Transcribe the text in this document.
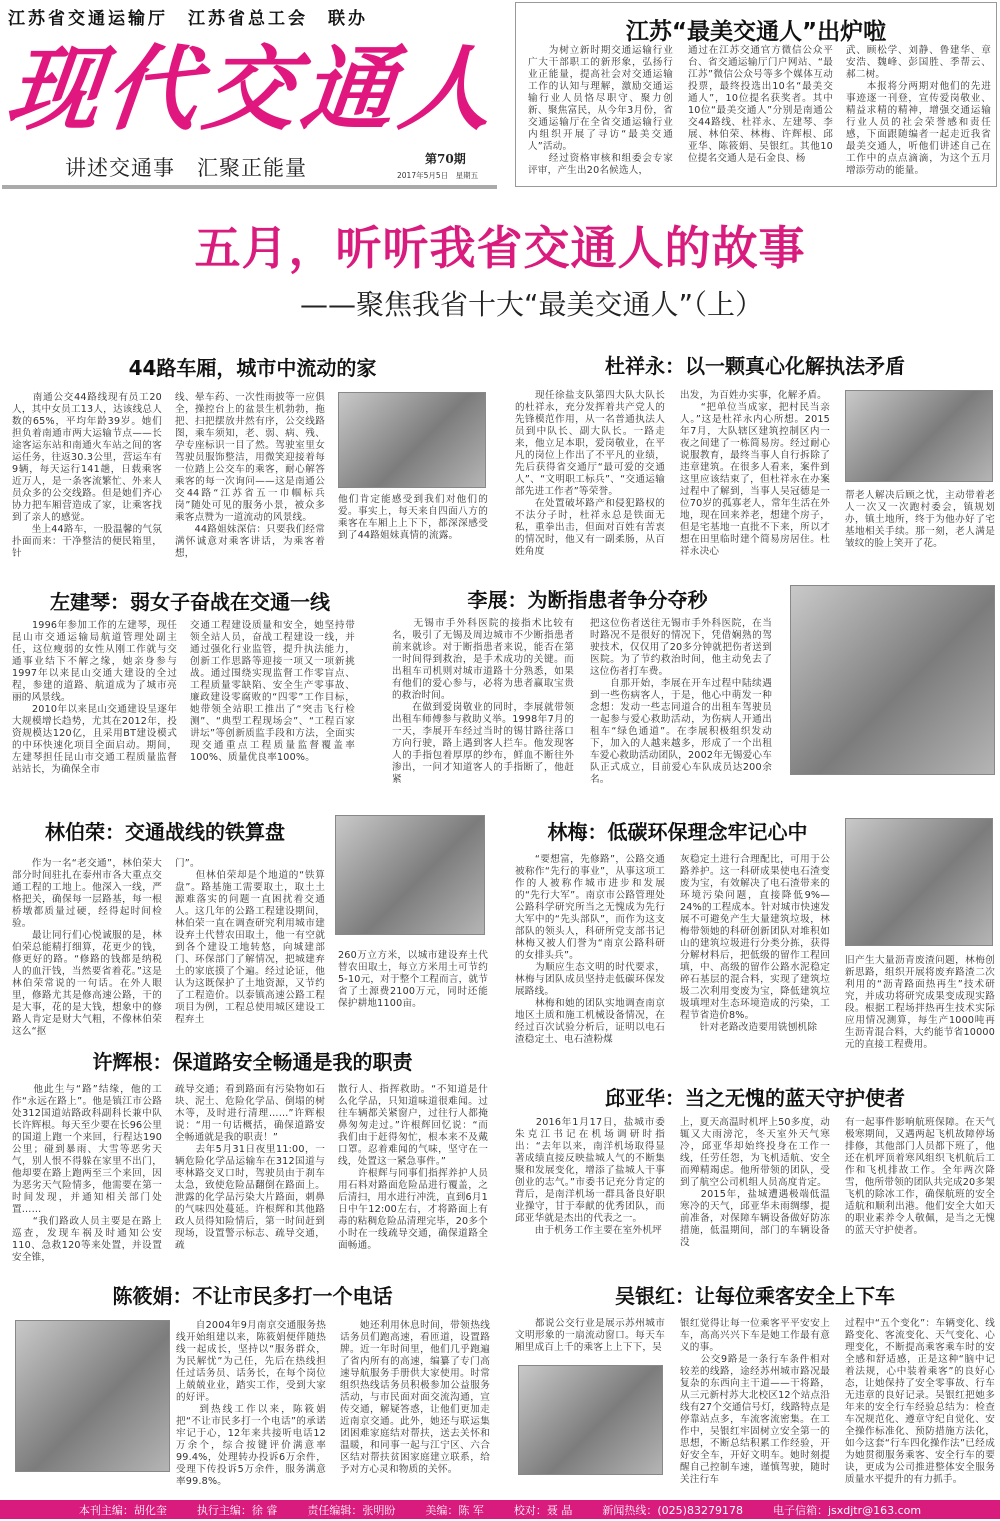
江苏省交通运输厅　江苏省总工会　联办
现代交通人
讲述交通事　汇聚正能量	第70期
2017年5月5日　星期五
江苏“最美交通人”出炉啦
　　为树立新时期交通运输行业广大干部职工的新形象，弘扬行业正能量，提高社会对交通运输工作的认知与理解，激励交通运输行业人员恪尽职守、聚力创新、聚焦富民，从今年3月份，省交通运输厅在全省交通运输行业内组织开展了寻访“最美交通人”活动。
　　经过资格审核和组委会专家评审，产生出20名候选人，
通过在江苏交通官方微信公众平台、省交通运输厅门户网站、“最江苏”微信公众号等多个媒体互动投票，最终投选出10名“最美交通人”，10位提名获奖者。其中10位“最美交通人”分别是南通公交44路线、杜祥永、左建琴、李展、林伯荣、林梅、许辉根、邱亚华、陈筱娟、吴银红。其他10位提名交通人是石金良、杨
武、顾松学、刘静、鲁建华、章安浩、魏峰、彭国胜、季帮云、郝二树。
　　本报将分两期对他们的先进事迹逐一刊登，宣传爱岗敬业、精益求精的精神，增强交通运输行业人员的社会荣誉感和责任感，下面跟随编者一起走近我省最美交通人，听他们讲述自己在工作中的点点滴滴，为这个五月增添劳动的能量。
五月，听听我省交通人的故事
——聚焦我省十大“最美交通人”（上）
44路车厢，城市中流动的家
　　南通公交44路线现有员工20人，其中女员工13人，达该线总人数的65%，平均年龄39岁。她们担负着南通市两大运输节点——长途客运东站和南通火车站之间的客运任务，往返30.3公里，营运车有9辆，每天运行141趟，日载乘客近万人，是一条客流繁忙、外来人员众多的公交线路。但是她们齐心协力把车厢营造成了家，让乘客找到了亲人的感觉。
　　坐上44路车，一股温馨的气氛扑面而来：干净整洁的便民箱里，针
线、晕车药、一次性雨披等一应俱全，操控台上的盆景生机勃勃，拖把、扫把摆放井然有序，公交线路图，乘车须知，老、弱、病、残、孕专座标识一目了然。驾驶室里女驾驶员服饰整洁，用微笑迎接着每一位踏上公交车的乘客，耐心解答乘客的每一次询问——这是南通公交44路“江苏省五一巾帼标兵岗”随处可见的服务小景，被众多乘客点赞为一道流动的风景线。
　　44路姐妹深信：只要我们经常满怀诚意对乘客讲话，为乘客着想，
他们肯定能感受到我们对他们的爱。事实上，每天来自四面八方的乘客在车厢上上下下，都深深感受到了44路姐妹真情的流露。
杜祥永：以一颗真心化解执法矛盾
　　现任徐盐支队第四大队大队长的杜祥永，充分发挥着共产党人的先锋模范作用，从一名普通执法人员到中队长、副大队长。一路走来，他立足本职，爱岗敬业，在平凡的岗位上作出了不平凡的业绩，先后获得省交通厅“最可爱的交通人”、“文明职工标兵”、“交通运输部先进工作者”等荣誉。
　　在处置破坏路产和侵犯路权的不法分子时，杜祥永总是铁面无私，重拳出击，但面对百姓有苦衷的情况时，他又有一副柔肠，从百姓角度
出发，为百姓办实事，化解矛盾。
　　“把单位当成家，把村民当亲人。”这是杜祥永内心所想。2015年7月，大队辖区建筑控制区内一夜之间建了一栋简易房。经过耐心说服教育，最终当事人自行拆除了违章建筑。在很多人看来，案件到这里应该结束了，但杜祥永在办案过程中了解到，当事人吴冠德是一位70岁的孤寡老人，常年生活在外地，现在回来养老，想建个房子，但是宅基地一直批不下来，所以才想在田里临时建个简易房居住。杜祥永决心
帮老人解决后顾之忧，主动带着老人一次又一次跑村委会，镇规划办，镇土地所，终于为他办好了宅基地相关手续。那一刻，老人满是皱纹的脸上笑开了花。
左建琴：弱女子奋战在交通一线
　　1996年参加工作的左建琴，现任昆山市交通运输局航道管理处副主任，这位瘦弱的女性从刚工作就与交通事业结下不解之缘，她亲身参与1997年以来昆山交通大建设的全过程，参建的道路、航道成为了城市亮丽的风景线。
　　2010年以来昆山交通建设呈逐年大规模增长趋势，尤其在2012年，投资规模达120亿，且采用BT建设模式的中环快速化项目全面启动。期间，左建琴担任昆山市交通工程质量监督站站长，为确保全市
交通工程建设质量和安全，她坚持带领全站人员，奋战工程建设一线，并通过强化行业监管，提升执法能力，创新工作思路等迎接一项又一项新挑战。通过围绕实现监督工作零盲点、工程质量零缺陷、安全生产零事故、廉政建设零腐败的“四零”工作目标，她带领全站职工推出了“突击飞行检测”、“典型工程现场会”、“工程百家讲坛”等创新质监手段和方法，全面实现交通重点工程质量监督覆盖率100%、质量优良率100%。
李展：为断指患者争分夺秒
　　无锡市手外科医院的接指术比较有名，吸引了无锡及周边城市不少断指患者前来就诊。对于断指患者来说，能否在第一时间得到救治，是手术成功的关键。而出租车司机则对城市道路十分熟悉，如果有他们的爱心参与，必将为患者赢取宝贵的救治时间。
　　在做到爱岗敬业的同时，李展就带领出租车师傅参与救助义举。1998年7月的一天，李展开车经过当时的锡甘路往落口方向行驶，路上遇到客人拦车。他发现客人的手指包着厚厚的纱布，鲜血不断往外渗出，一问才知道客人的手指断了，他赶紧
把这位伤者送往无锡市手外科医院，在当时路况不是很好的情况下，凭借娴熟的驾驶技术，仅仅用了20多分钟就把伤者送到医院。为了节约救治时间，他主动免去了这位伤者打车费。
　　自那开始，李展在开车过程中陆续遇到一些伤病客人，于是，他心中萌发一种念想：发动一些志同道合的出租车驾驶员一起参与爱心救助活动，为伤病人开通出租车“绿色通道”。在李展积极组织发动下，加入的人越来越多，形成了一个出租车爱心救助活动团队，2002年无锡爱心车队正式成立，目前爱心车队成员达200余名。
林伯荣：交通战线的铁算盘
　　作为一名“老交通”，林伯荣大部分时间驻扎在泰州市各大重点交通工程的工地上。他深入一线，严格把关，确保每一层路基，每一根桥墩都质量过硬，经得起时间检验。
　　最让同行们心悦诚服的是，林伯荣总能精打细算，花更少的钱，修更好的路。“修路的钱都是纳税人的血汗钱，当然要省着花。”这是林伯荣常说的一句话。在外人眼里，修路尤其是修高速公路，干的是大事，花的是大钱，想象中的修路人肯定是财大气粗，不像林伯荣这么“抠
门”。
　　但林伯荣却是个地道的“铁算盘”。路基施工需要取土，取土土源难落实的问题一直困扰着交通人。这几年的公路工程建设期间，林伯荣一直在调查研究利用城市建设弃土代替农田取土，他一有空就到各个建设工地转悠，向城建部门、环保部门了解情况，把城建弃土的家底摸了个遍。经过论证，他认为这既保护了土地资源，又节约了工程造价。以泰镇高速公路工程项目为例，工程总使用城区建设工程弃土
260万立方米，以城市建设弃土代替农田取土，每立方米用土可节约5-10元，对于整个工程而言，就节省了土源费2100万元，同时还能保护耕地1100亩。
林梅：低碳环保理念牢记心中
　　“要想富，先修路”，公路交通被称作“先行的事业”，从事这项工作的人被称作城市进步和发展的“先行大军”。南京市公路管理处公路科学研究所当之无愧成为先行大军中的“先头部队”，而作为这支部队的领头人，科研所党支部书记林梅又被人们誉为“南京公路科研的女排头兵”。
　　为顺应生态文明的时代要求，林梅与团队成员坚持走低碳环保发展路线。
　　林梅和她的团队实地调查南京地区土质和施工机械设备情况，在经过百次试验分析后，证明以电石渣稳定土、电石渣粉煤
灰稳定土进行合理配比，可用于公路养护。这一科研成果使电石渣变废为宝，有效解决了电石渣带来的环境污染问题，直接降低9%—24%的工程成本。针对城市快速发展不可避免产生大量建筑垃圾，林梅带领她的科研创新团队对堆积如山的建筑垃圾进行分类分拣，获得分解材料后，把低级的留作工程回填，中、高级的留作公路水泥稳定碎石基层的混合料，实现了建筑垃圾二次利用变废为宝，降低建筑垃圾填埋对生态环境造成的污染，工程节省造价8%。
　　针对老路改造要用铣刨机除
旧产生大量沥青废渣问题，林梅创新思路，组织开展将废弃路渣二次利用的“沥青路面热再生”技术研究，并成功将研究成果变成现实路段。根据工程场拌热再生技术实际应用情况测算，每生产1000吨再生沥青混合料，大约能节省10000元的直接工程费用。
许辉根：保道路安全畅通是我的职责
　　他此生与“路”结缘，他的工作“永远在路上”。他是镇江市公路处312国道站路政科副科长兼中队长许辉根。每天至少要在长96公里的国道上跑一个来回，行程达190公里；碰到暴雨、大雪等恶劣天气，别人恨不得躲在家里不出门，他却要在路上跑两至三个来回，因为恶劣天气险情多，他需要在第一时间发现，并通知相关部门处置……
　　“我们路政人员主要是在路上巡查，发现车祸及时通知公安110、急救120等来处置，并设置安全锥，
疏导交通；看到路面有污染物如石块、泥土、危险化学品、倒塌的树木等，及时进行清理……”许辉根说：“用一句话概括，确保道路安全畅通就是我的职责！”
　　去年5月31日夜里11:00，一辆危险化学品运输车在312国道与枣林路交叉口时，驾驶员由于刹车太急，致使危险品翻倒在路面上。泄露的化学品污染大片路面，刺鼻的气味四处蔓延。许根辉和其他路政人员得知险情后，第一时间赶到现场，设置警示标志、疏导交通，疏
散行人、指挥救助。“不知道是什么化学品，只知道味道很难闻。过往车辆都关紧窗户，过往行人都掩鼻匆匆走过。”许根辉回忆说：“而我们由于赶得匆忙，根本来不及戴口罩。忍着难闻的气味，坚守在一线，处置这一紧急事件。”
　　许根辉与同事们指挥养护人员用石料对路面危险品进行覆盖，之后清扫，用水进行冲洗，直到6月1日中午12:00左右，才将路面上有毒的粘稠危险品清理完毕，20多个小时在一线疏导交通，确保道路全面畅通。
邱亚华：当之无愧的蓝天守护使者
　　2016年1月17日，盐城市委朱克江书记在机场调研时指出：“去年以来，南洋机场取得显著成绩直接反映盐城人气的不断集聚和发展变化，增添了盐城人干事创业的志气。”市委书记充分肯定的背后，是南洋机场一群具备良好职业操守，甘于奉献的优秀团队，而邱亚华就是杰出的代表之一。
　　由于机务工作主要在室外机坪
上，夏天高温时机坪上50多度，动辄又大雨滂沱，冬天室外天气寒冷，邱亚华却始终投身在工作一线，任劳任怨，为飞机适航、安全而殚精竭虑。他所带领的团队，受到了航空公司机组人员高度肯定。
　　2015年，盐城遭遇极端低温寒冷的天气，邱亚华未雨绸缪，提前准备，对保障车辆设备做好防冻措施，低温期间，部门的车辆设备没
有一起事件影响航班保障。在天气极寒期间，又遇两起飞机故障停场排修，其他部门人员都下班了，他还在机坪顶着寒风组织飞机航后工作和飞机排故工作。全年两次降雪，他所带领的团队共完成20多架飞机的除冰工作，确保航班的安全适航和顺利出港。他们安全大如天的职业素养令人敬佩，是当之无愧的蓝天守护使者。
陈筱娟：不让市民多打一个电话
　　自2004年9月南京交通服务热线开始组建以来，陈筱娟便伴随热线一起成长，坚持以“服务群众，为民解忧”为己任，先后在热线担任过话务员、话务长，在每个岗位上兢兢业业，踏实工作，受到大家的好评。
　　到热线工作以来，陈筱娟把“不让市民多打一个电话”的承诺牢记于心，12年来共接听电话12万余个，综合按键评价满意率99.4%，处理转办投诉6万余件，受理下传投诉5万余件，服务满意率99.8%。
　　她还利用休息时间，带领热线话务员们跑高速，看匝道，设置路牌。近一年时间里，他们几乎跑遍了省内所有的高速，编纂了专门高速导航服务手册供大家使用。时常组织热线话务员积极参加公益服务活动，与市民面对面交流沟通，宣传交通，解疑答惑，让他们更加走近南京交通。此外，她还与联运集团困难家庭结对帮扶，送去关怀和温暖，和同事一起与江宁区、六合区结对帮扶贫困家庭建立联系，给予对方心灵和物质的关怀。
吴银红：让每位乘客安全上下车
　　都说公交行业是展示苏州城市文明形象的一扇流动窗口。每天车厢里成百上千的乘客上上下下，吴
银红觉得让每一位乘客平平安安上车，高高兴兴下车是她工作最有意义的事。
　　公交9路是一条行车条件相对较差的线路，途经苏州城市路况最复杂的东西向主干道——干将路，从三元新村苏大北校区12个站点沿线有27个交通信号灯，线路特点是停靠站点多，车流客流密集。在工作中，吴银红牢固树立安全第一的思想，不断总结积累工作经验，开好安全车，开好文明车。她时刻提醒自己控制车速，谨慎驾驶，随时关注行车
过程中“五个变化”：车辆变化、线路变化、客流变化、天气变化、心理变化，不断提高乘客乘车时的安全感和舒适感，正是这种“脑中记着法规，心中装着乘客”的良好心态，让她保持了安全零事故、行车无违章的良好记录。吴银红把她多年来的安全行车经验总结为：检查车况规范化、遵章守纪自觉化、安全操作标准化、预防措施方法化，如今这套“行车四化操作法”已经成为她贯彻服务乘客、安全行车的要诀，更成为公司推进整体安全服务质量水平提升的有力抓手。
本刊主编：胡化奎	执行主编：徐 睿	责任编辑：张明盼	美编：陈 军	校对：聂 晶	新闻热线：(025)83279178	电子信箱：jsxdjtr@163.com
